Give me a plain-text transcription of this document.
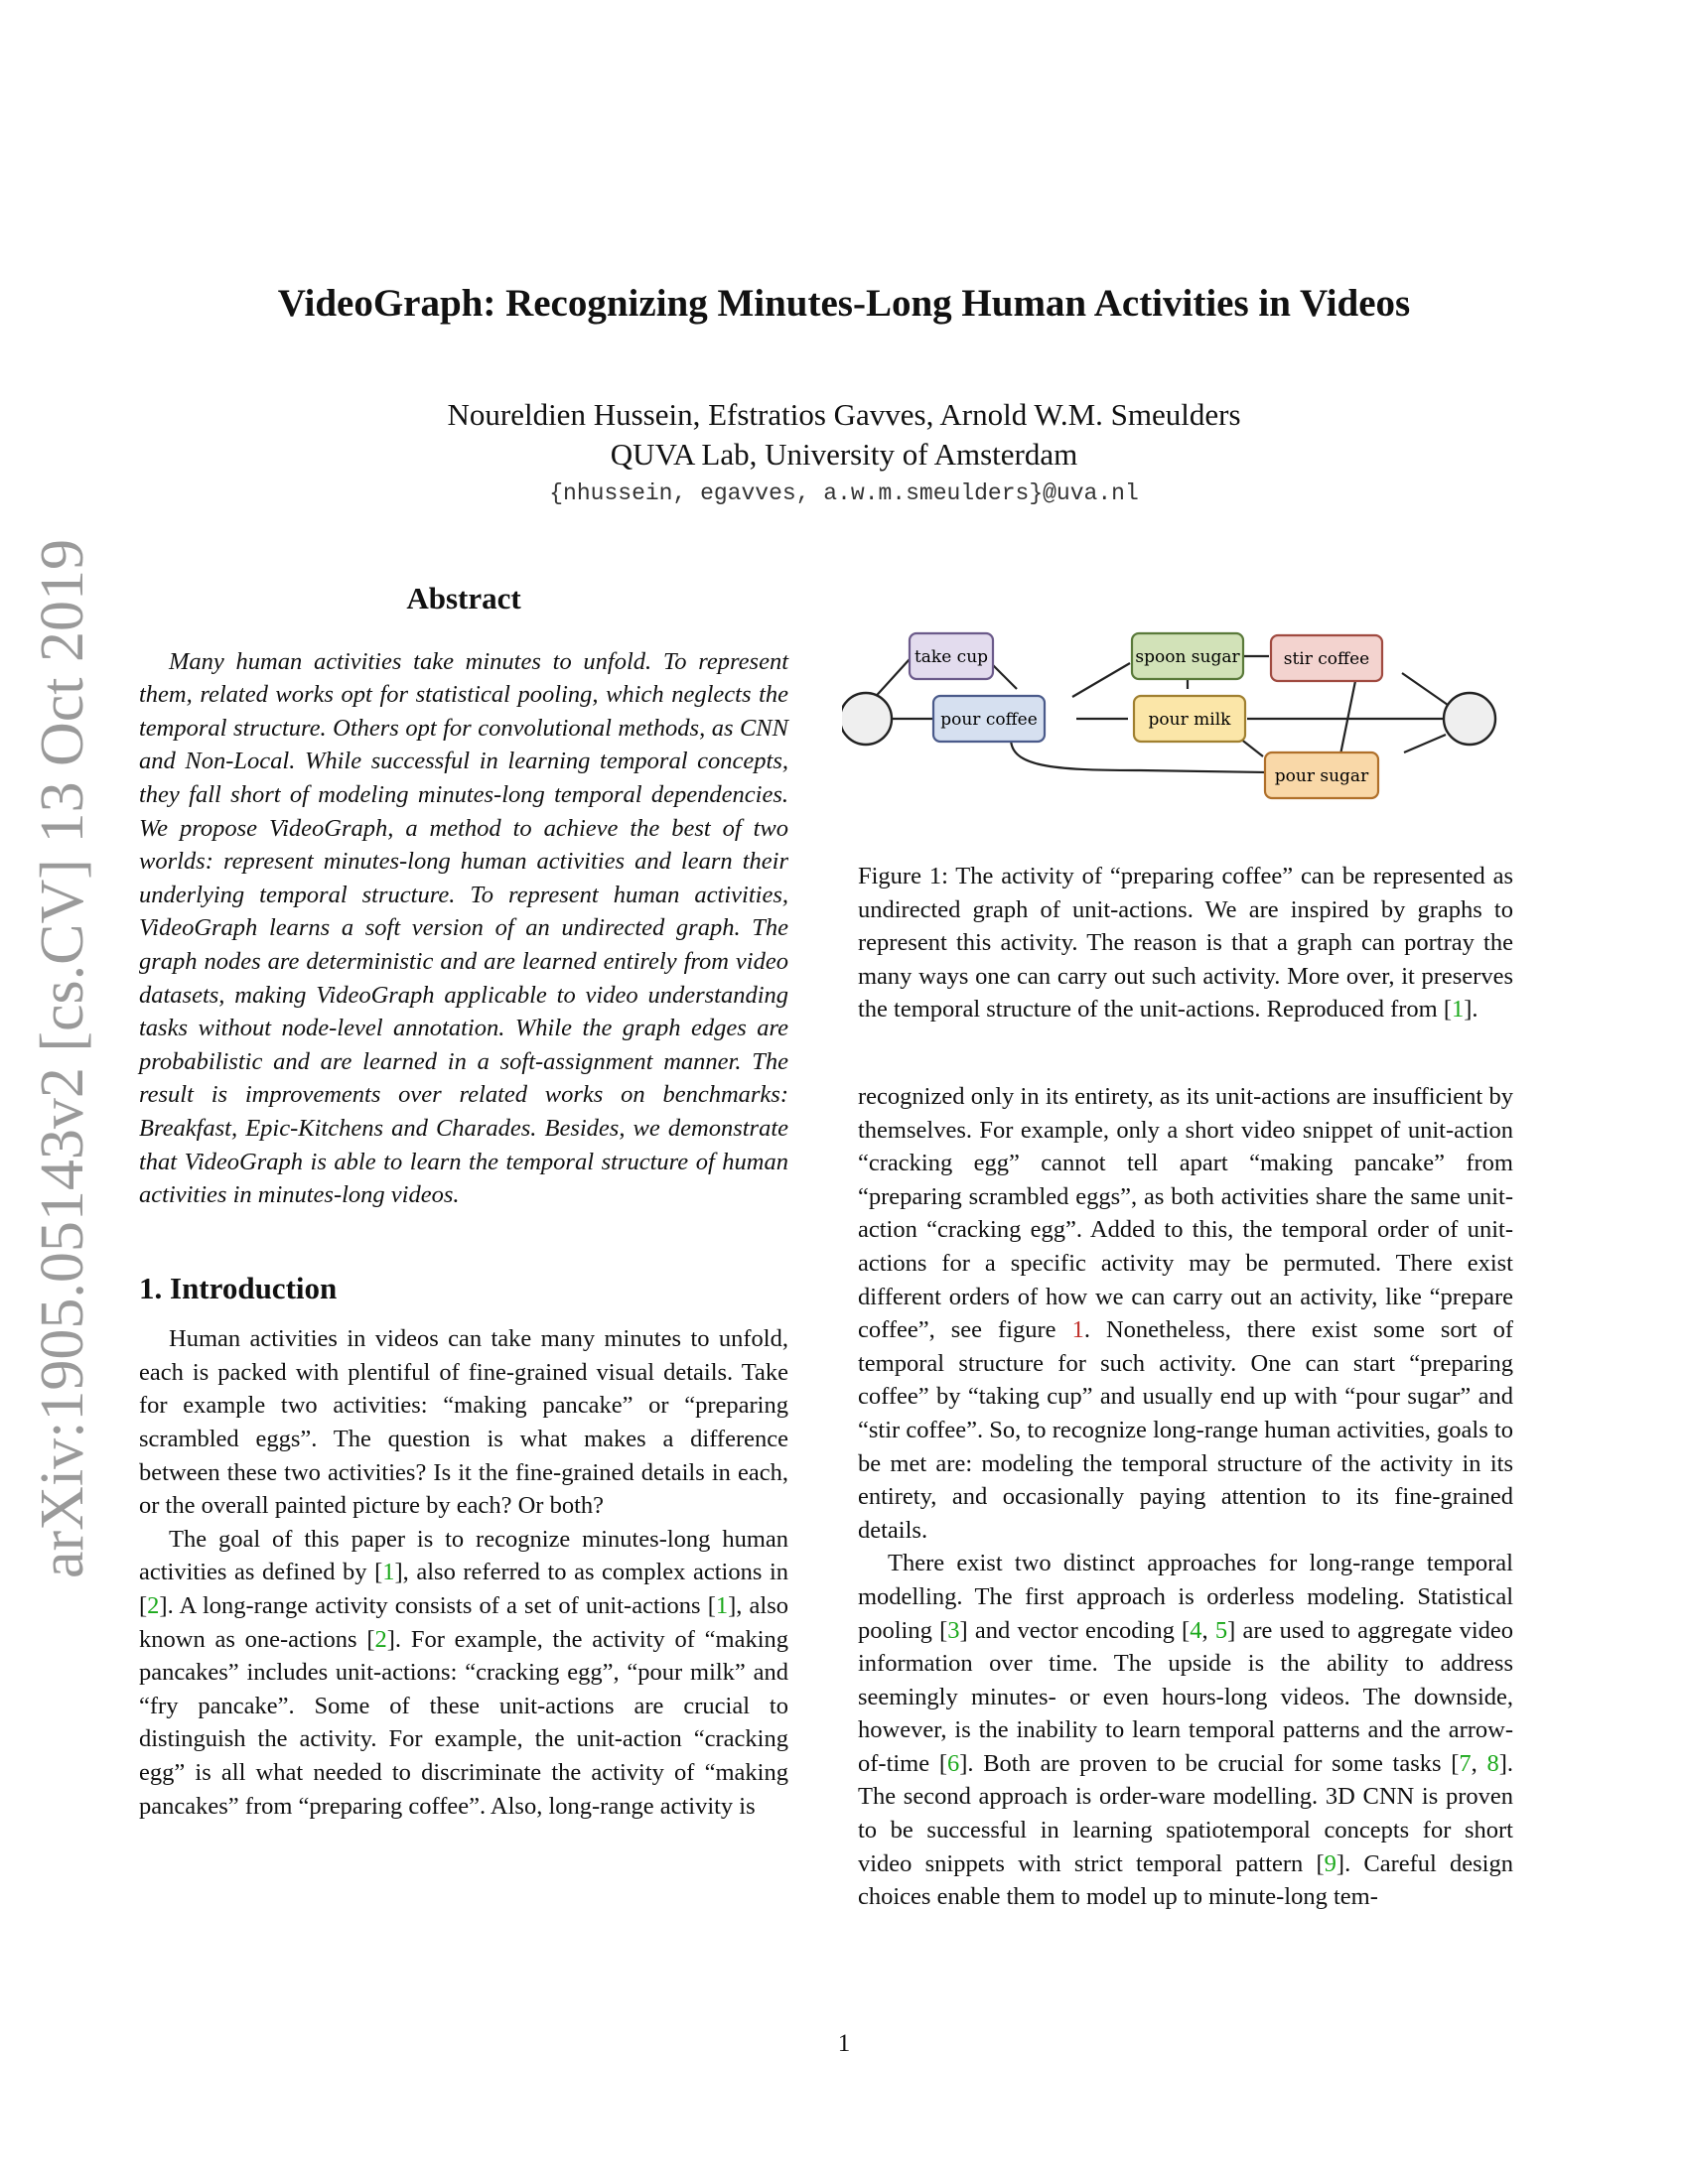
arXiv:1905.05143v2 [cs.CV] 13 Oct 2019
VideoGraph: Recognizing Minutes-Long Human Activities in Videos
Noureldien Hussein, Efstratios Gavves, Arnold W.M. Smeulders
QUVA Lab, University of Amsterdam
{nhussein, egavves, a.w.m.smeulders}@uva.nl
Abstract

Many human activities take minutes to unfold. To represent them, related works opt for statistical pooling, which neglects the temporal structure. Others opt for convolutional methods, as CNN and Non-Local. While successful in learning temporal concepts, they fall short of modeling minutes-long temporal dependencies. We propose VideoGraph, a method to achieve the best of two worlds: represent minutes-long human activities and learn their underlying temporal structure. To represent human activities, VideoGraph learns a soft version of an undirected graph. The graph nodes are deterministic and are learned entirely from video datasets, making VideoGraph applicable to video understanding tasks without node-level annotation. While the graph edges are probabilistic and are learned in a soft-assignment manner. The result is improvements over related works on benchmarks: Breakfast, Epic-Kitchens and Charades. Besides, we demonstrate that VideoGraph is able to learn the temporal structure of human activities in minutes-long videos.

1. Introduction

Human activities in videos can take many minutes to unfold, each is packed with plentiful of fine-grained visual details. Take for example two activities: “making pancake” or “preparing scrambled eggs”. The question is what makes a difference between these two activities? Is it the fine-grained details in each, or the overall painted picture by each? Or both?

The goal of this paper is to recognize minutes-long human activities as defined by [1], also referred to as complex actions in [2]. A long-range activity consists of a set of unit-actions [1], also known as one-actions [2]. For example, the activity of “making pancakes” includes unit-actions: “cracking egg”, “pour milk” and “fry pancake”. Some of these unit-actions are crucial to distinguish the activity. For example, the unit-action “cracking egg” is all what needed to discriminate the activity of “making pancakes” from “preparing coffee”. Also, long-range activity is

take cup	spoon sugar	stir coffee
pour coffee	pour milk
pour sugar

Figure 1: The activity of “preparing coffee” can be represented as undirected graph of unit-actions. We are inspired by graphs to represent this activity. The reason is that a graph can portray the many ways one can carry out such activity. More over, it preserves the temporal structure of the unit-actions. Reproduced from [1].

recognized only in its entirety, as its unit-actions are insufficient by themselves. For example, only a short video snippet of unit-action “cracking egg” cannot tell apart “making pancake” from “preparing scrambled eggs”, as both activities share the same unit-action “cracking egg”. Added to this, the temporal order of unit-actions for a specific activity may be permuted. There exist different orders of how we can carry out an activity, like “prepare coffee”, see figure 1. Nonetheless, there exist some sort of temporal structure for such activity. One can start “preparing coffee” by “taking cup” and usually end up with “pour sugar” and “stir coffee”. So, to recognize long-range human activities, goals to be met are: modeling the temporal structure of the activity in its entirety, and occasionally paying attention to its fine-grained details.

There exist two distinct approaches for long-range temporal modelling. The first approach is orderless modeling. Statistical pooling [3] and vector encoding [4, 5] are used to aggregate video information over time. The upside is the ability to address seemingly minutes- or even hours-long videos. The downside, however, is the inability to learn temporal patterns and the arrow-of-time [6]. Both are proven to be crucial for some tasks [7, 8]. The second approach is order-ware modelling. 3D CNN is proven to be successful in learning spatiotemporal concepts for short video snippets with strict temporal pattern [9]. Careful design choices enable them to model up to minute-long tem-

1
